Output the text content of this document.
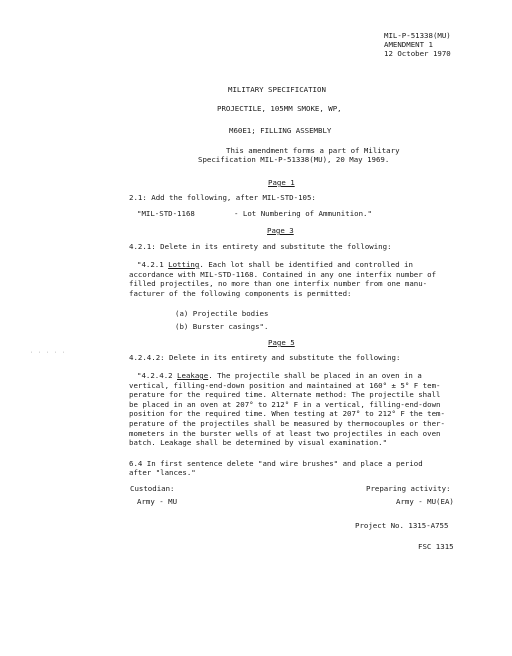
MIL-P-51338(MU)
AMENDMENT 1
12 October 1970
MILITARY SPECIFICATION
PROJECTILE, 105MM SMOKE, WP,
M60E1; FILLING ASSEMBLY
This amendment forms a part of Military
Specification MIL-P-51338(MU), 20 May 1969.
Page 1
2.1: Add the following, after MIL-STD-105:
"MIL-STD-1168	- Lot Numbering of Ammunition."
Page 3
4.2.1: Delete in its entirety and substitute the following:
"4.2.1 Lotting. Each lot shall be identified and controlled in
accordance with MIL-STD-1168. Contained in any one interfix number of
filled projectiles, no more than one interfix number from one manu-
facturer of the following components is permitted:
(a) Projectile bodies
(b) Burster casings".
· · · · ·
Page 5
4.2.4.2: Delete in its entirety and substitute the following:
"4.2.4.2 Leakage. The projectile shall be placed in an oven in a
vertical, filling-end-down position and maintained at 160° ± 5° F tem-
perature for the required time. Alternate method: The projectile shall
be placed in an oven at 207° to 212° F in a vertical, filling-end-down
position for the required time. When testing at 207° to 212° F the tem-
perature of the projectiles shall be measured by thermocouples or ther-
mometers in the burster wells of at least two projectiles in each oven
batch. Leakage shall be determined by visual examination."
6.4 In first sentence delete "and wire brushes" and place a period
after "lances."
Custodian:
Army - MU
Preparing activity:
Army - MU(EA)
Project No. 1315-A755
FSC 1315
